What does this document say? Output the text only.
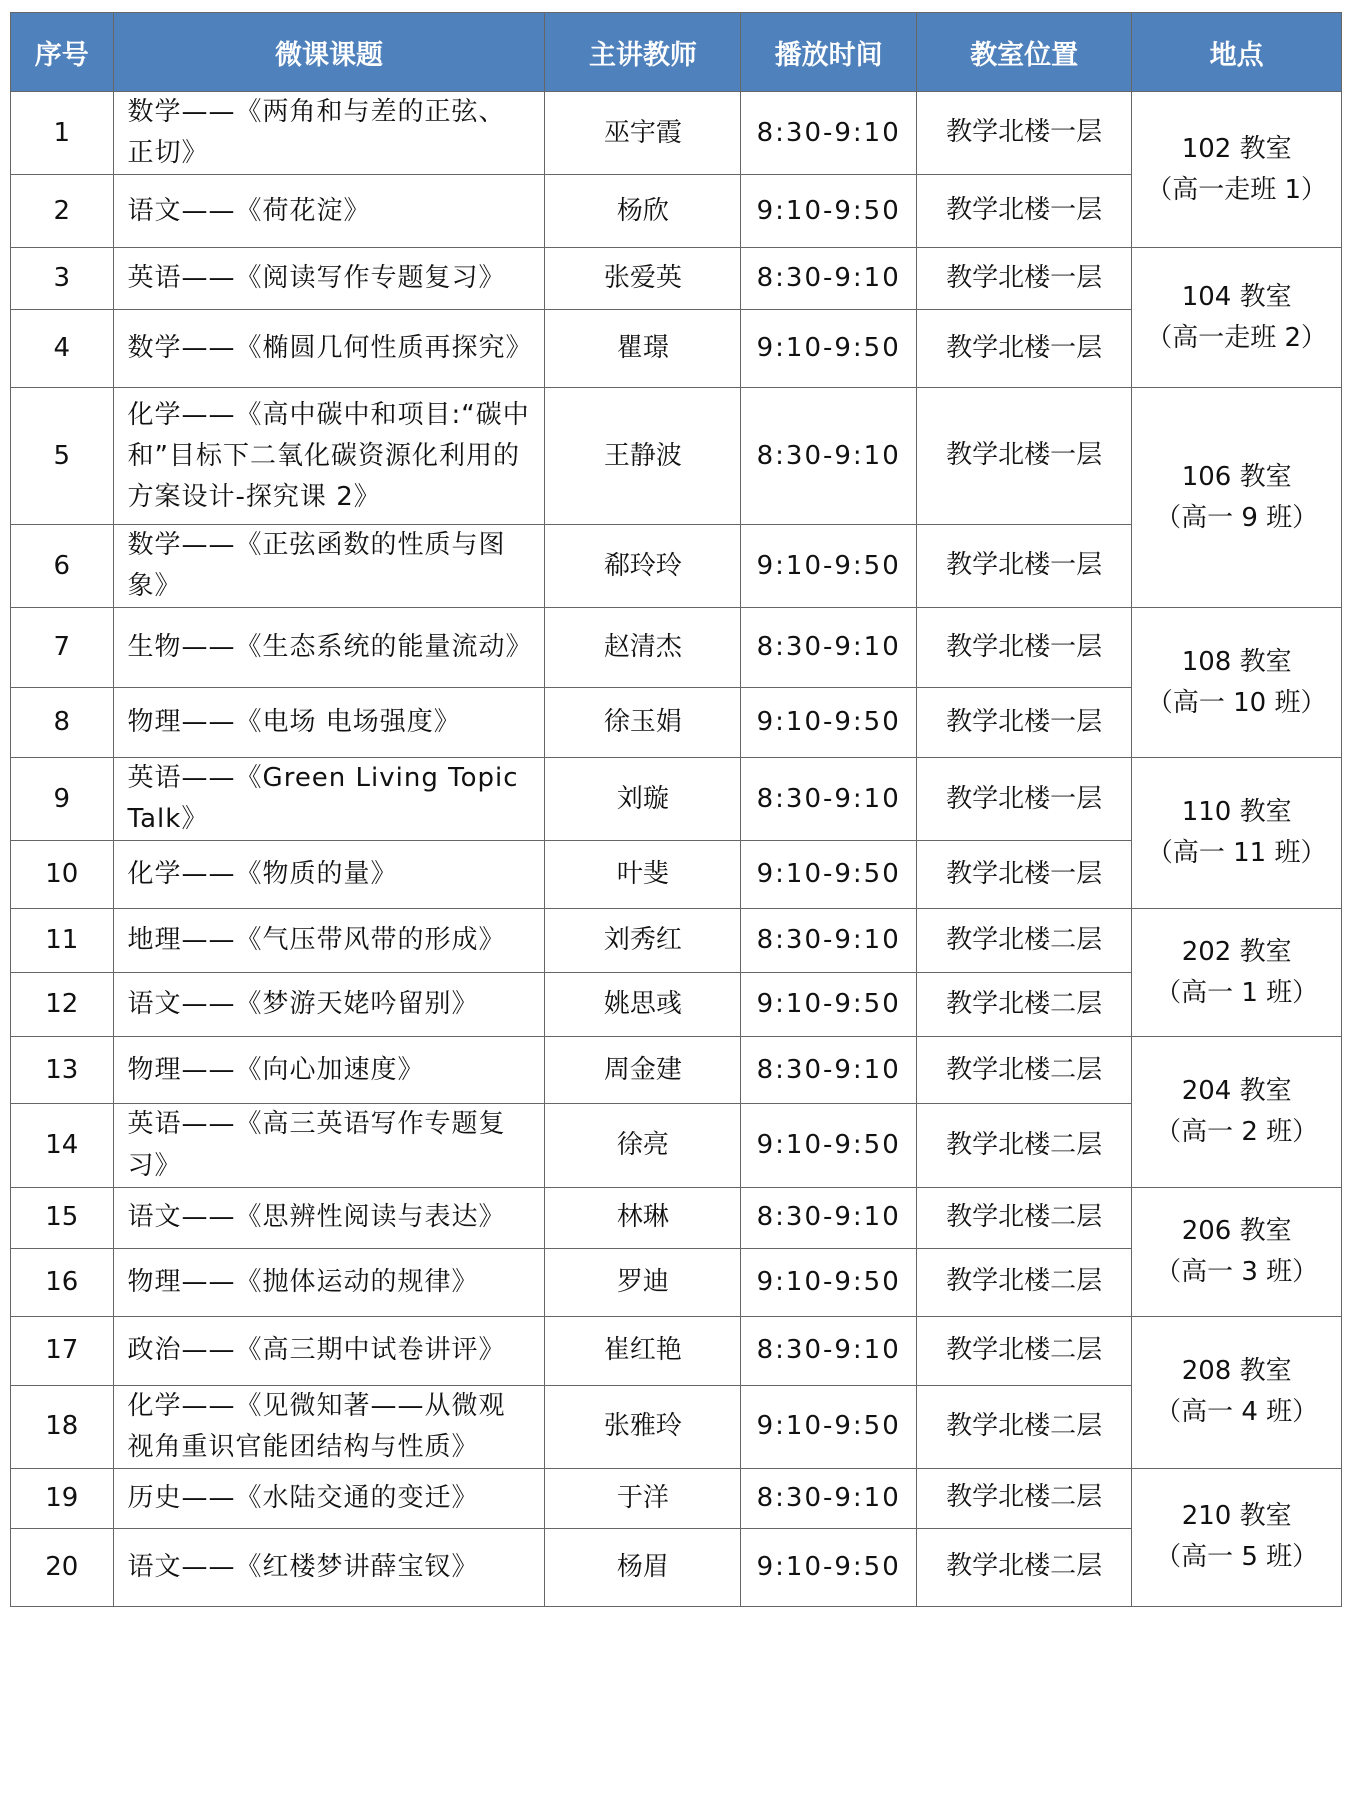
序号	微课课题	主讲教师	播放时间	教室位置	地点
1	数学——《两角和与差的正弦、正切》	巫宇霞	8:30-9:10	教学北楼一层	102 教室
（高一走班 1）

2	语文——《荷花淀》	杨欣	9:10-9:50	教学北楼一层	
3	英语——《阅读写作专题复习》	张爱英	8:30-9:10	教学北楼一层	104 教室
（高一走班 2）

4	数学——《椭圆几何性质再探究》	瞿璟	9:10-9:50	教学北楼一层	
5	化学——《高中碳中和项目:“碳中和”目标下二氧化碳资源化利用的方案设计-探究课 2》	王静波	8:30-9:10	教学北楼一层	106 教室
（高一 9 班）

6	数学——《正弦函数的性质与图象》	郗玲玲	9:10-9:50	教学北楼一层	
7	生物——《生态系统的能量流动》	赵清杰	8:30-9:10	教学北楼一层	108 教室
（高一 10 班）

8	物理——《电场 电场强度》	徐玉娟	9:10-9:50	教学北楼一层	
9	英语——《Green Living Topic Talk》	刘璇	8:30-9:10	教学北楼一层	110 教室
（高一 11 班）

10	化学——《物质的量》	叶斐	9:10-9:50	教学北楼一层	
11	地理——《气压带风带的形成》	刘秀红	8:30-9:10	教学北楼二层	202 教室
（高一 1 班）

12	语文——《梦游天姥吟留别》	姚思彧	9:10-9:50	教学北楼二层	
13	物理——《向心加速度》	周金建	8:30-9:10	教学北楼二层	204 教室
（高一 2 班）

14	英语——《高三英语写作专题复习》	徐亮	9:10-9:50	教学北楼二层	
15	语文——《思辨性阅读与表达》	林琳	8:30-9:10	教学北楼二层	206 教室
（高一 3 班）

16	物理——《抛体运动的规律》	罗迪	9:10-9:50	教学北楼二层	
17	政治——《高三期中试卷讲评》	崔红艳	8:30-9:10	教学北楼二层	208 教室
（高一 4 班）

18	化学——《见微知著——从微观视角重识官能团结构与性质》	张雅玲	9:10-9:50	教学北楼二层	
19	历史——《水陆交通的变迁》	于洋	8:30-9:10	教学北楼二层	210 教室
（高一 5 班）

20	语文——《红楼梦讲薛宝钗》	杨眉	9:10-9:50	教学北楼二层	
